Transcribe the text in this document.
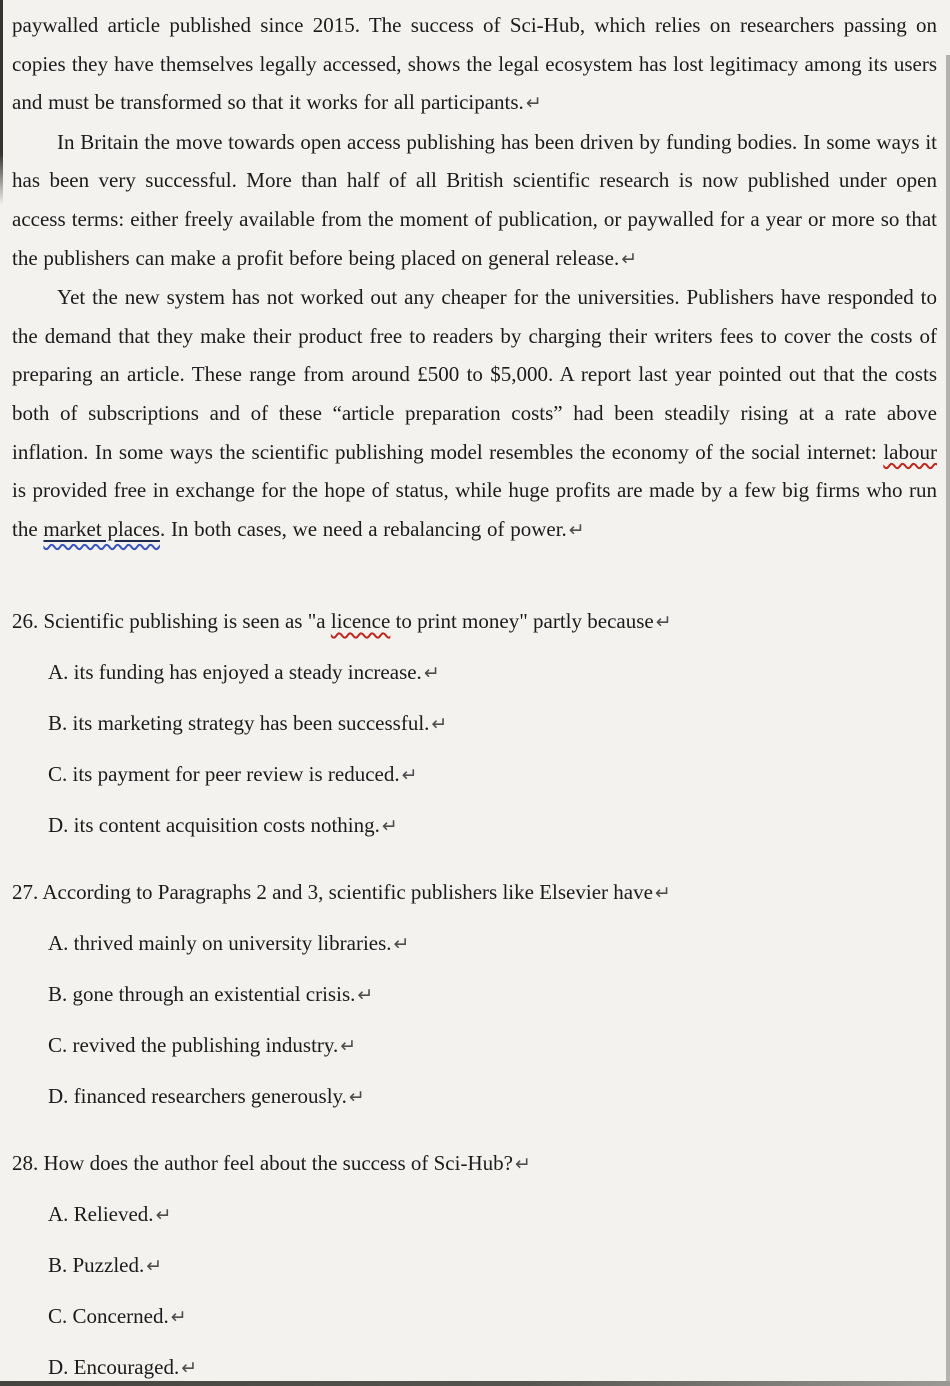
paywalled article published since 2015. The success of Sci-Hub, which relies on researchers passing on copies they have themselves legally accessed, shows the legal ecosystem has lost legitimacy among its users and must be transformed so that it works for all participants. ↵

In Britain the move towards open access publishing has been driven by funding bodies. In some ways it has been very successful. More than half of all British scientific research is now published under open access terms: either freely available from the moment of publication, or paywalled for a year or more so that the publishers can make a profit before being placed on general release. ↵

Yet the new system has not worked out any cheaper for the universities. Publishers have responded to the demand that they make their product free to readers by charging their writers fees to cover the costs of preparing an article. These range from around £500 to $5,000. A report last year pointed out that the costs both of subscriptions and of these “article preparation costs” had been steadily rising at a rate above inflation. In some ways the scientific publishing model resembles the economy of the social internet: labour is provided free in exchange for the hope of status, while huge profits are made by a few big firms who run the market places. In both cases, we need a rebalancing of power. ↵

26. Scientific publishing is seen as "a licence to print money" partly because ↵

A. its funding has enjoyed a steady increase. ↵

B. its marketing strategy has been successful. ↵

C. its payment for peer review is reduced. ↵

D. its content acquisition costs nothing. ↵

27. According to Paragraphs 2 and 3, scientific publishers like Elsevier have ↵

A. thrived mainly on university libraries. ↵

B. gone through an existential crisis. ↵

C. revived the publishing industry. ↵

D. financed researchers generously. ↵

28. How does the author feel about the success of Sci-Hub? ↵

A. Relieved. ↵

B. Puzzled. ↵

C. Concerned. ↵

D. Encouraged. ↵
